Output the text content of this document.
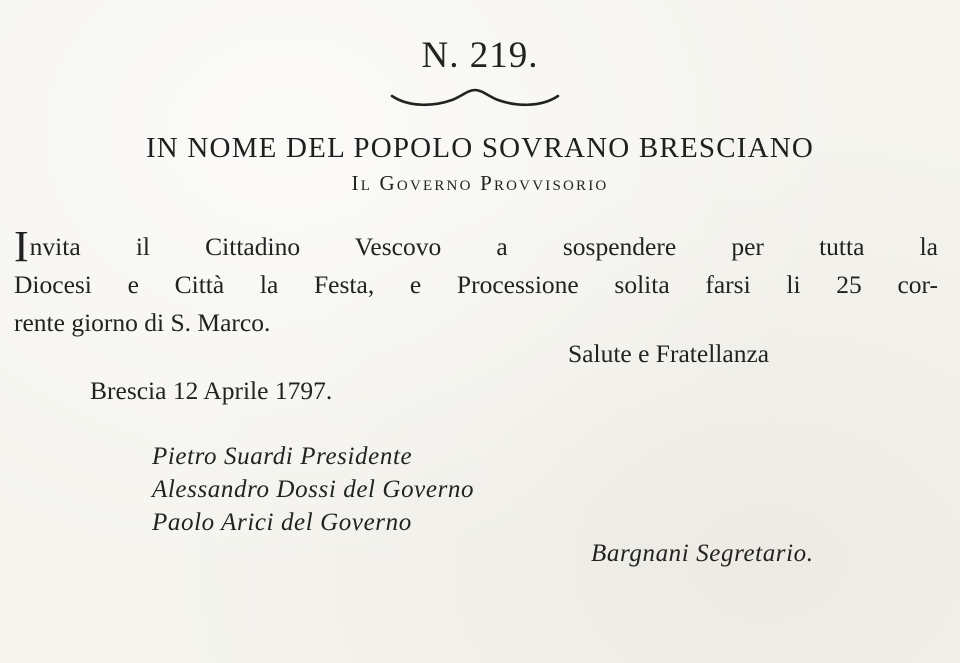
N. 219.
IN NOME DEL POPOLO SOVRANO BRESCIANO
Il Governo Provvisorio
Invita il Cittadino Vescovo a sospendere per tutta la
Diocesi e Città la Festa, e Processione solita farsi li 25 cor-
rente giorno di S. Marco.
Salute e Fratellanza
Brescia 12 Aprile 1797.
Pietro Suardi Presidente
Alessandro Dossi del Governo
Paolo Arici del Governo
Bargnani Segretario.
